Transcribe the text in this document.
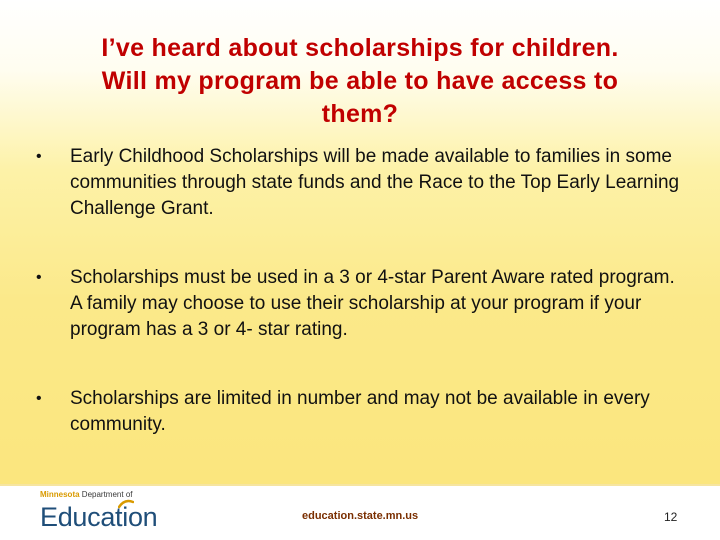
I’ve heard about scholarships for children.
Will my program be able to have access to
them?
•	Early Childhood Scholarships will be made available to families in some communities through state funds and the Race to the Top Early Learning Challenge Grant.
•	Scholarships must be used in a 3 or 4-star Parent Aware rated program. A family may choose to use their scholarship at your program if your program has a 3 or 4- star rating.
•	Scholarships are limited in number and may not be available in every community.
Minnesota Department of
Education	education.state.mn.us	12
